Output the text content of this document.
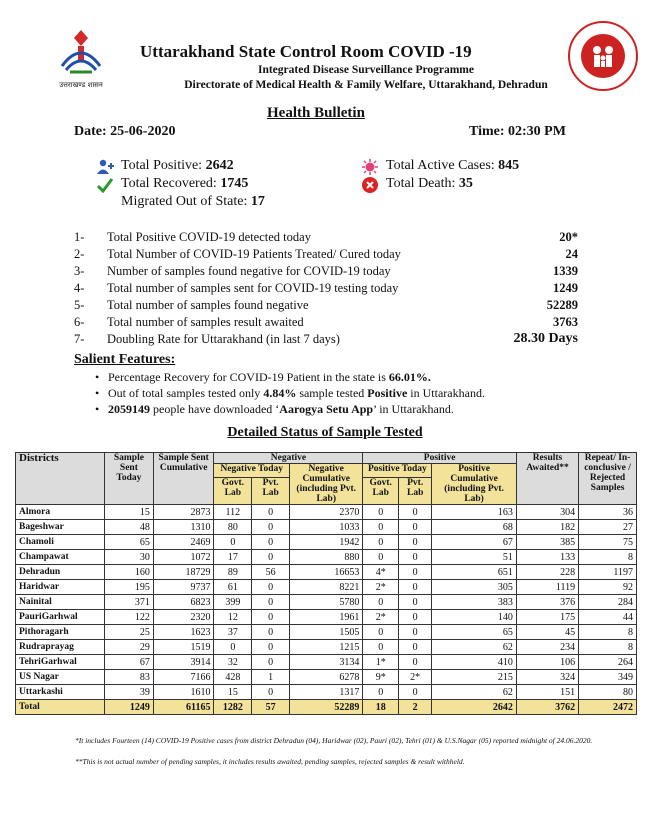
उत्तराखण्ड शासन
Uttarakhand State Control Room COVID -19
Integrated Disease Surveillance Programme
Directorate of Medical Health & Family Welfare, Uttarakhand, Dehradun
Health Bulletin
Date: 25-06-2020	Time: 02:30 PM
Total Positive: 2642
Total Recovered: 1745
Migrated Out of State: 17
Total Active Cases: 845
Total Death: 35
1- Total Positive COVID-19 detected today	20*
2- Total Number of COVID-19 Patients Treated/ Cured today	24
3- Number of samples found negative for COVID-19 today	1339
4- Total number of samples sent for COVID-19 testing today	1249
5- Total number of samples found negative	52289
6- Total number of samples result awaited	3763
7- Doubling Rate for Uttarakhand (in last 7 days)	28.30 Days
Salient Features:
• Percentage Recovery for COVID-19 Patient in the state is 66.01%.
• Out of total samples tested only 4.84% sample tested Positive in Uttarakhand.
• 2059149 people have downloaded ‘Aarogya Setu App’ in Uttarakhand.
Detailed Status of Sample Tested
Districts	Sample Sent Today	Sample Sent Cumulative	Negative			Positive			Results Awaited**	Repeat/ In-conclusive / Rejected Samples
			Negative Today		Negative Cumulative (including Pvt. Lab)	Positive Today		Positive Cumulative (including Pvt. Lab)		
			Govt. Lab	Pvt. Lab		Govt. Lab	Pvt. Lab			
Almora	15	2873	112	0	2370	0	0	163	304	36
Bageshwar	48	1310	80	0	1033	0	0	68	182	27
Chamoli	65	2469	0	0	1942	0	0	67	385	75
Champawat	30	1072	17	0	880	0	0	51	133	8
Dehradun	160	18729	89	56	16653	4*	0	651	228	1197
Haridwar	195	9737	61	0	8221	2*	0	305	1119	92
Nainital	371	6823	399	0	5780	0	0	383	376	284
PauriGarhwal	122	2320	12	0	1961	2*	0	140	175	44
Pithoragarh	25	1623	37	0	1505	0	0	65	45	8
Rudraprayag	29	1519	0	0	1215	0	0	62	234	8
TehriGarhwal	67	3914	32	0	3134	1*	0	410	106	264
US Nagar	83	7166	428	1	6278	9*	2*	215	324	349
Uttarkashi	39	1610	15	0	1317	0	0	62	151	80
Total	1249	61165	1282	57	52289	18	2	2642	3762	2472
*It includes Fourteen (14) COVID-19 Positive cases from district Dehradun (04), Haridwar (02), Pauri (02), Tehri (01) & U.S.Nagar (05) reported midnight of 24.06.2020.
**This is not actual number of pending samples, it includes results awaited, pending samples, rejected samples & result withheld.
